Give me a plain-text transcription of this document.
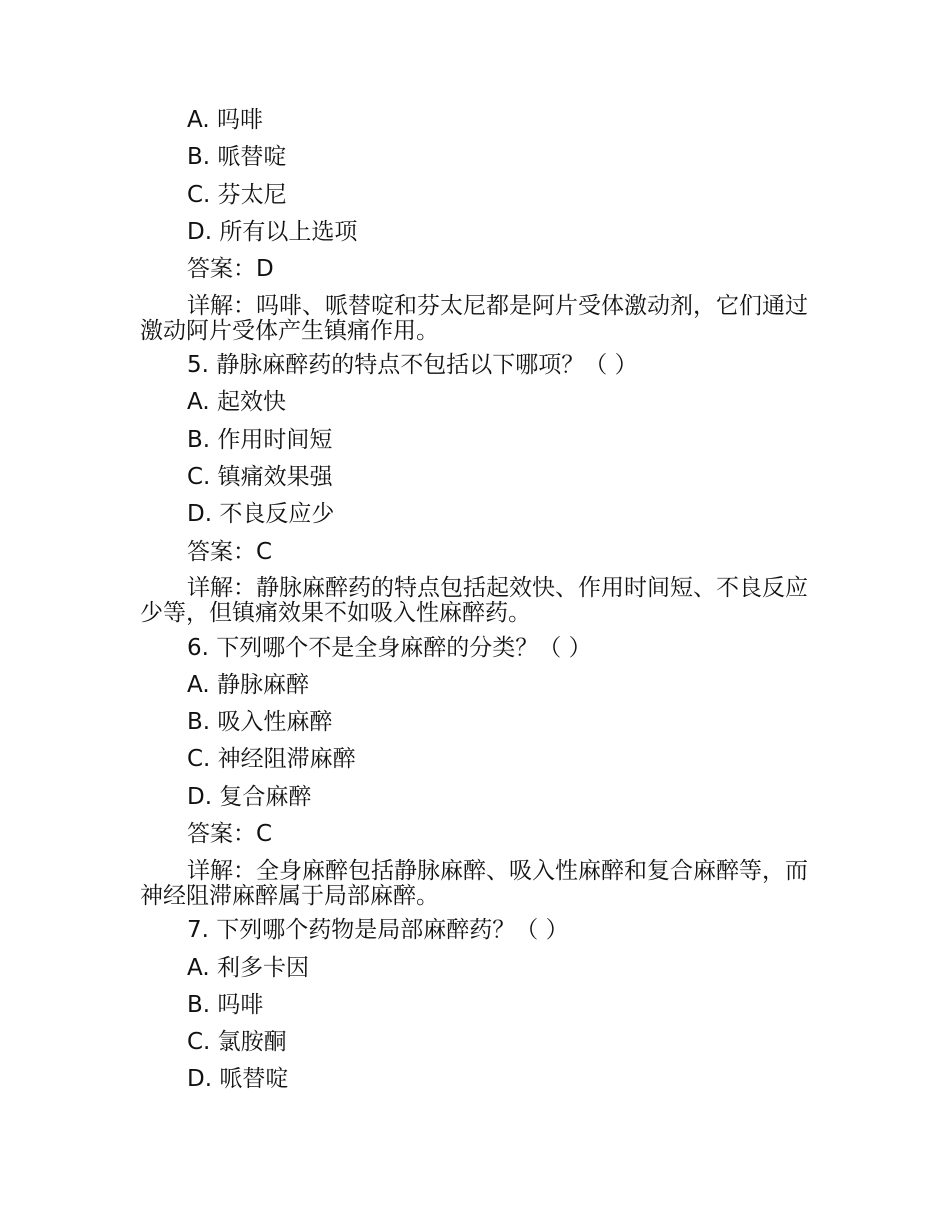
A. 吗啡
B. 哌替啶
C. 芬太尼
D. 所有以上选项
答案：D
详解：吗啡、哌替啶和芬太尼都是阿片受体激动剂，它们通过激动阿片受体产生镇痛作用。
5. 静脉麻醉药的特点不包括以下哪项？（ ）
A. 起效快
B. 作用时间短
C. 镇痛效果强
D. 不良反应少
答案：C
详解：静脉麻醉药的特点包括起效快、作用时间短、不良反应少等，但镇痛效果不如吸入性麻醉药。
6. 下列哪个不是全身麻醉的分类？（ ）
A. 静脉麻醉
B. 吸入性麻醉
C. 神经阻滞麻醉
D. 复合麻醉
答案：C
详解：全身麻醉包括静脉麻醉、吸入性麻醉和复合麻醉等，而神经阻滞麻醉属于局部麻醉。
7. 下列哪个药物是局部麻醉药？（ ）
A. 利多卡因
B. 吗啡
C. 氯胺酮
D. 哌替啶
